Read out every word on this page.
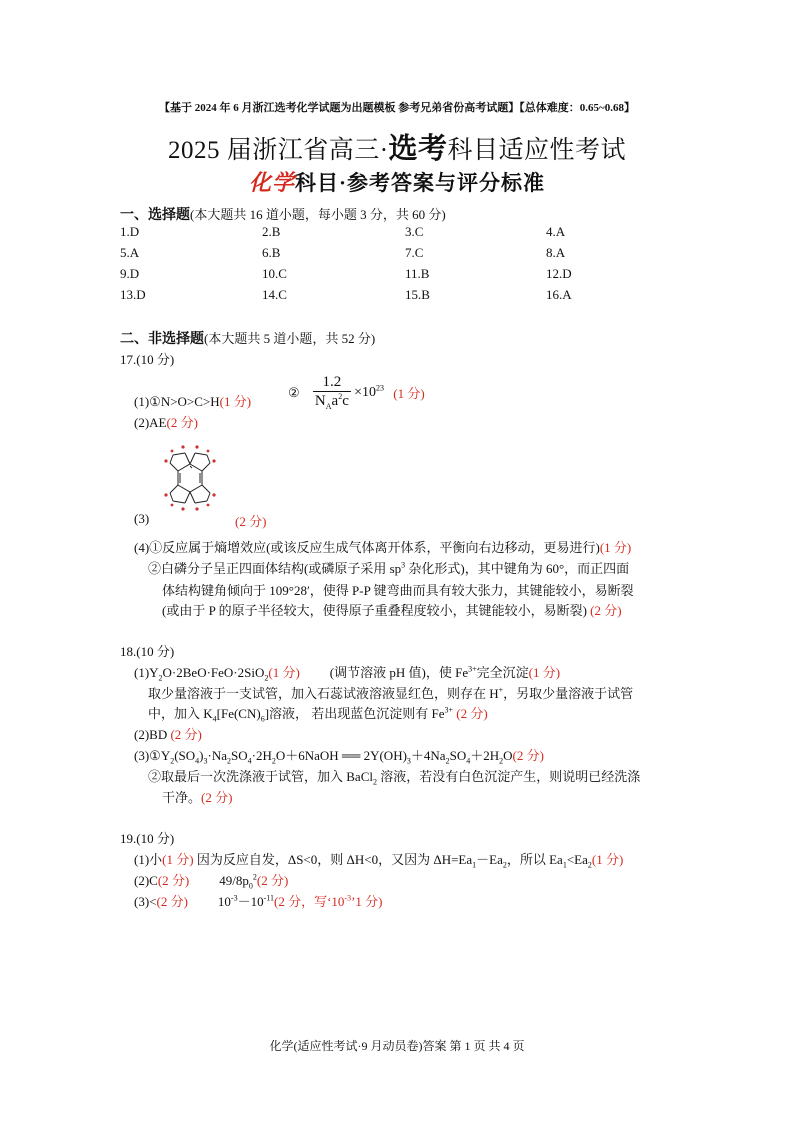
【基于 2024 年 6 月浙江选考化学试题为出题模板 参考兄弟省份高考试题】【总体难度：0.65~0.68】
2025 届浙江省高三·选考科目适应性考试
化学科目·参考答案与评分标准
一、选择题(本大题共 16 道小题，每小题 3 分，共 60 分)
1.D	2.B	3.C	4.A
5.A	6.B	7.C	8.A
9.D	10.C	11.B	12.D
13.D	14.C	15.B	16.A
二、非选择题(本大题共 5 道小题，共 52 分)
17.(10 分)
(1)①N>O>C>H(1 分)
② $\frac{1.2}{N_Aa^2c} \times 10^{23}$ (1 分)
(2)AE(2 分)
(3)	(2 分)
(4)①反应属于熵增效应(或该反应生成气体离开体系，平衡向右边移动，更易进行)(1 分)
②白磷分子呈正四面体结构(或磷原子采用 $sp^3$ 杂化形式)，其中键角为 60°，而正四面
体结构键角倾向于 109°28′，使得 P-P 键弯曲而具有较大张力，其键能较小，易断裂
(或由于 P 的原子半径较大，使得原子重叠程度较小，其键能较小，易断裂) (2 分)
18.(10 分)
$(1)Y_2O\cdot 2BeO\cdot FeO\cdot 2SiO_2(1$ 分) (调节溶液 pH 值)，使 $Fe^{3+}$完全沉淀(1 分)
取少量溶液于一支试管，加入石蕊试液溶液显红色，则存在 H+，另取少量溶液于试管
中，加入 $K_4[Fe(CN)_6]$溶液， 若出现蓝色沉淀则有 $Fe^{3+}$ (2 分)
(2)BD (2 分)
$(3)①Y_2(SO_4)_3\cdot Na_2SO_4\cdot 2H_2O+6NaOH$ ══ $2Y(OH)_3+4Na_2SO_4+2H_2O(2$ 分)
②取最后一次洗涤液于试管，加入 BaCl$_2$ 溶液，若没有白色沉淀产生，则说明已经洗涤
干净。(2 分)
19.(10 分)
(1)小(1 分) 因为反应自发，ΔS<0，则 ΔH<0，又因为 $\Delta H=Ea_1-Ea_2$，所以 $Ea_1<Ea_2(1$ 分)
(2)C(2 分) $49/8p_0^2(2$ 分)
(3)<(2 分) $10^{-3}-10^{-11}(2$ 分，写‘$10^{-3}’1$ 分)
化学(适应性考试·9 月动员卷)答案 第 1 页 共 4 页
